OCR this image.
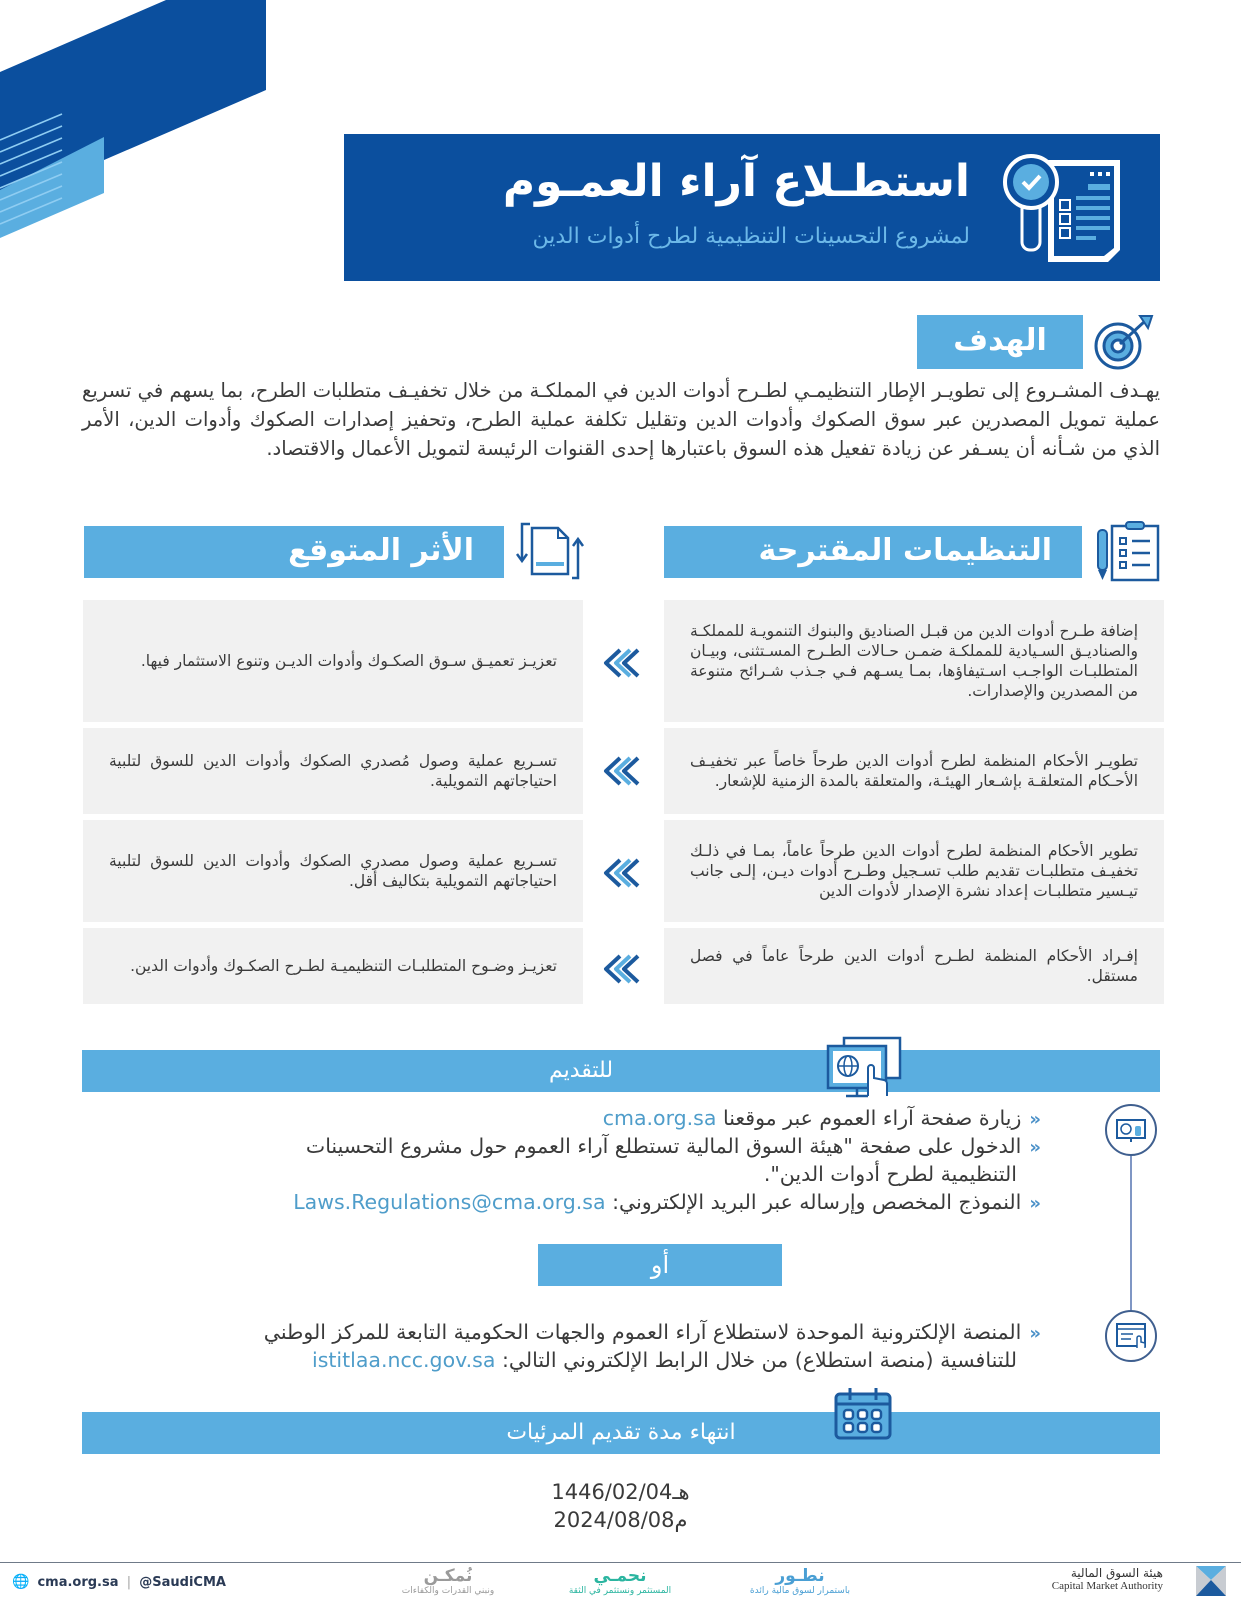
استطـلاع آراء العمـوم
لمشروع التحسينات التنظيمية لطرح أدوات الدين
الهدف

يهـدف المشـروع إلى تطويـر الإطار التنظيمـي لطـرح أدوات الدين في المملكـة من خلال تخفيـف متطلبات الطرح، بما يسهم في تسريع عملية تمويل المصدرين عبر سوق الصكوك وأدوات الدين وتقليل تكلفة عملية الطرح، وتحفيز إصدارات الصكوك وأدوات الدين، الأمر الذي من شـأنه أن يسـفر عن زيادة تفعيل هذه السوق باعتبارها إحدى القنوات الرئيسة لتمويل الأعمال والاقتصاد.

التنظيمات المقترحة
الأثر المتوقع
إضافة طـرح أدوات الدين من قبـل الصناديق والبنوك التنمويـة للمملكـة والصناديـق السـيادية للمملكـة ضمـن حـالات الطـرح المسـتثنى، وبيـان المتطلبـات الواجـب اسـتيفاؤها، بمـا يسـهم فـي جـذب شـرائح متنوعة من المصدرين والإصدارات.
تطويـر الأحكام المنظمة لطرح أدوات الدين طرحاً خاصاً عبر تخفيـف الأحـكام المتعلقـة بإشـعار الهيئـة، والمتعلقة بالمدة الزمنية للإشعار.
تطوير الأحكام المنظمة لطرح أدوات الدين طرحاً عاماً، بمـا في ذلـك تخفيـف متطلبـات تقديم طلب تسـجيل وطـرح أدوات ديـن، إلـى جانب تيـسير متطلبـات إعداد نشرة الإصدار لأدوات الدين
إفـراد الأحكام المنظمة لطـرح أدوات الدين طرحاً عاماً في فصل مستقل.
تعزيـز تعميـق سـوق الصكـوك وأدوات الديـن وتنوع الاستثمار فيها.
تسـريع عملية وصول مُصدري الصكوك وأدوات الدين للسوق لتلبية احتياجاتهم التمويلية.
تسـريع عملية وصول مصدري الصكوك وأدوات الدين للسوق لتلبية احتياجاتهم التمويلية بتكاليف أقل.
تعزيـز وضـوح المتطلبـات التنظيميـة لطـرح الصكـوك وأدوات الدين.
للتقديم
«زيارة صفحة آراء العموم عبر موقعنا cma.org.sa
«الدخول على صفحة "هيئة السوق المالية تستطلع آراء العموم حول مشروع التحسينات
التنظيمية لطرح أدوات الدين".
«النموذج المخصص وإرساله عبر البريد الإلكتروني: Laws.Regulations@cma.org.sa
أو
«المنصة الإلكترونية الموحدة لاستطلاع آراء العموم والجهات الحكومية التابعة للمركز الوطني
للتنافسية (منصة استطلاع) من خلال الرابط الإلكتروني التالي: istitlaa.ncc.gov.sa
انتهاء مدة تقديم المرئيات
1446/02/04هـ
2024/08/08م
🌐 cma.org.sa | @SaudiCMA	نُمكـن
ونبني القدرات والكفاءات
نحمـي
المستثمر ونستثمر في الثقة
نطـور
باستمرار لسوق مالية رائدة
هيئة السوق المالية
Capital Market Authority
